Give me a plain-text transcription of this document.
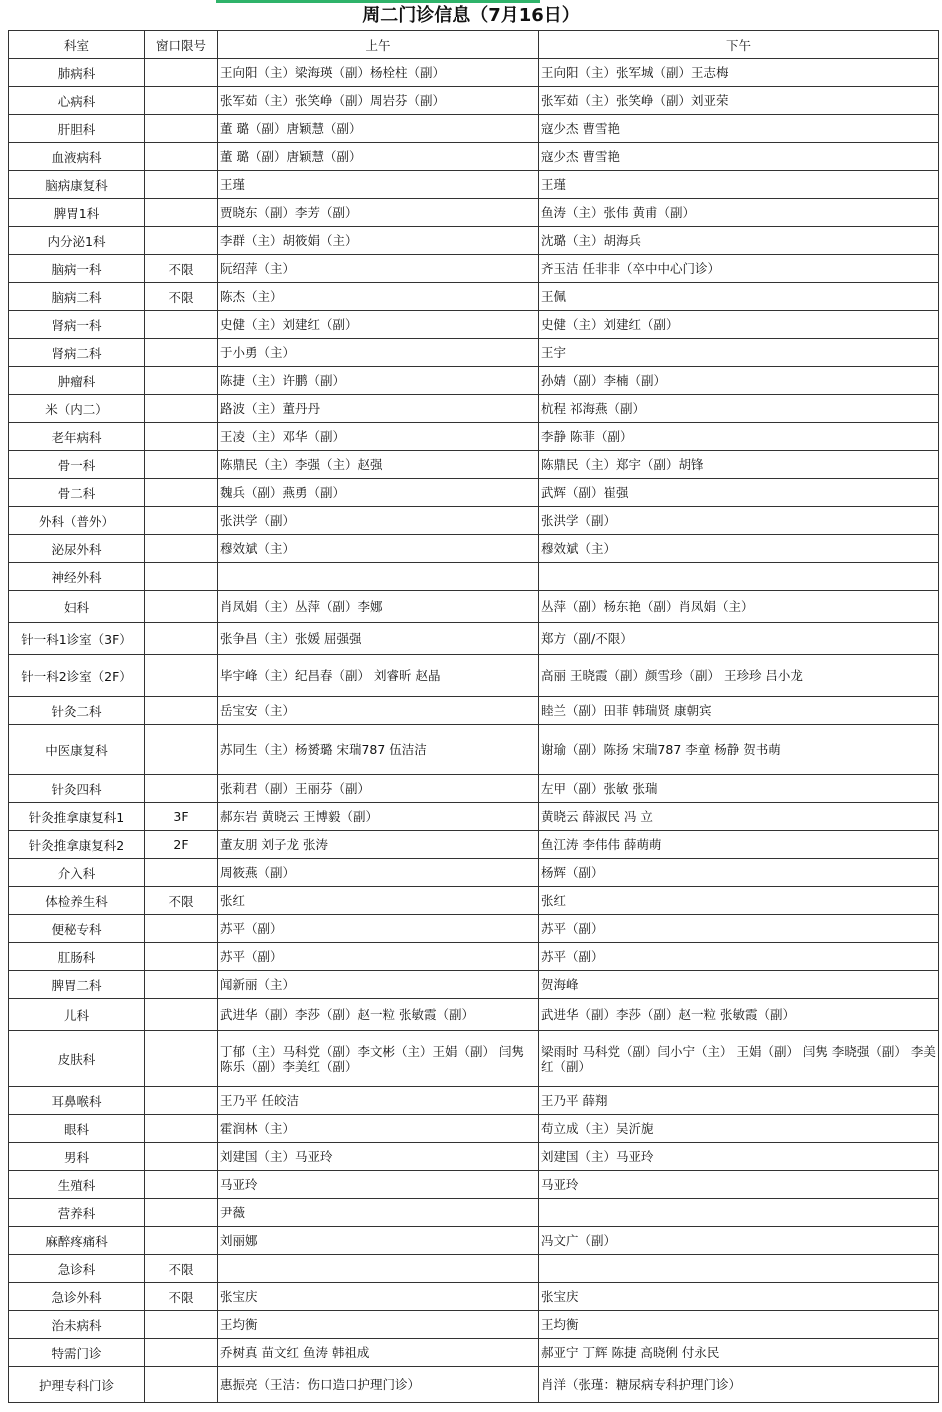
周二门诊信息（7月16日）
科室	窗口限号	上午	下午
肺病科		王向阳（主）梁海瑛（副）杨栓柱（副）	王向阳（主）张军城（副）王志梅
心病科		张军茹（主）张笑峥（副）周岩芬（副）	张军茹（主）张笑峥（副）刘亚荣
肝胆科		董 璐（副）唐颖慧（副）	寇少杰 曹雪艳
血液病科		董 璐（副）唐颖慧（副）	寇少杰 曹雪艳
脑病康复科		王瑾	王瑾
脾胃1科		贾晓东（副）李芳（副）	鱼涛（主）张伟 黄甫（副）
内分泌1科		李群（主）胡筱娟（主）	沈璐（主）胡海兵
脑病一科	不限	阮绍萍（主）	齐玉洁 任非非（卒中中心门诊）
脑病二科	不限	陈杰（主）	王佩
肾病一科		史健（主）刘建红（副）	史健（主）刘建红（副）
肾病二科		于小勇（主）	王宇
肿瘤科		陈捷（主）许鹏（副）	孙婧（副）李楠（副）
米（内二）		路波（主）董丹丹	杭程 祁海燕（副）
老年病科		王凌（主）邓华（副）	李静 陈菲（副）
骨一科		陈鼎民（主）李强（主）赵强	陈鼎民（主）郑宇（副）胡锋
骨二科		魏兵（副）燕勇（副）	武辉（副）崔强
外科（普外）		张洪学（副）	张洪学（副）
泌尿外科		穆效斌（主）	穆效斌（主）
神经外科			
妇科		肖凤娟（主）丛萍（副）李娜	丛萍（副）杨东艳（副）肖凤娟（主）
针一科1诊室（3F）		张争昌（主）张媛 屈强强	郑方（副/不限）
针一科2诊室（2F）		毕宇峰（主）纪昌春（副） 刘睿昕 赵晶	高丽 王晓霞（副）颜雪珍（副） 王珍珍 吕小龙
针灸二科		岳宝安（主）	睦兰（副）田菲 韩瑞贤 康朝宾
中医康复科		苏同生（主）杨赟璐 宋瑞787 伍洁洁	谢瑜（副）陈扬 宋瑞787 李童 杨静 贺书萌
针灸四科		张莉君（副）王丽芬（副）	左甲（副）张敏 张瑞
针灸推拿康复科1	3F	郝东岩 黄晓云 王博毅（副）	黄晓云 薛淑民 冯 立
针灸推拿康复科2	2F	董友朋 刘子龙 张涛	鱼江涛 李伟伟 薛萌萌
介入科		周筱燕（副）	杨辉（副）
体检养生科	不限	张红	张红
便秘专科		苏平（副）	苏平（副）
肛肠科		苏平（副）	苏平（副）
脾胃二科		闻新丽（主）	贺海峰
儿科		武进华（副）李莎（副）赵一粒 张敏霞（副）	武进华（副）李莎（副）赵一粒 张敏霞（副）
皮肤科		丁郁（主）马科党（副）李文彬（主）王娟（副） 闫隽 陈乐（副）李美红（副）	梁雨时 马科党（副）闫小宁（主） 王娟（副） 闫隽 李晓强（副） 李美红（副）
耳鼻喉科		王乃平 任皎洁	王乃平 薛翔
眼科		霍润林（主）	苟立成（主）吴沂旎
男科		刘建国（主）马亚玲	刘建国（主）马亚玲
生殖科		马亚玲	马亚玲
营养科		尹薇	
麻醉疼痛科		刘丽娜	冯文广（副）
急诊科	不限		
急诊外科	不限	张宝庆	张宝庆
治未病科		王均衡	王均衡
特需门诊		乔树真 苗文红 鱼涛 韩祖成	郝亚宁 丁辉 陈捷 高晓俐 付永民
护理专科门诊		惠振亮（王洁：伤口造口护理门诊）	肖洋（张瑾：糖尿病专科护理门诊）
